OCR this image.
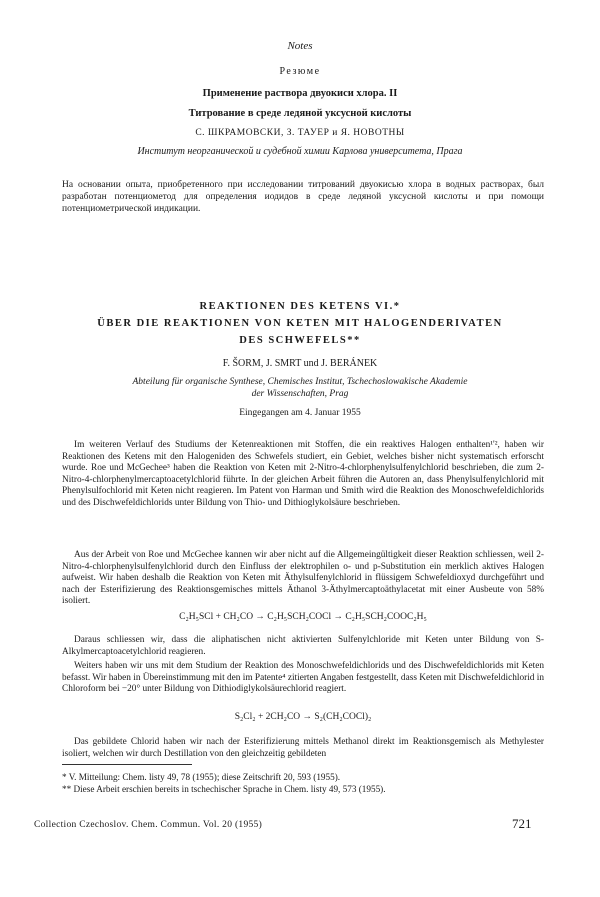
Notes

Резюме

Применение раствора двуокиси хлора. II

Титрование в среде ледяной уксусной кислоты

С. ШКРАМОВСКИ, З. ТАУЕР и Я. НОВОТНЫ

Институт неорганической и судебной химии Карлова университета, Прага

На основании опыта, приобретенного при исследовании титрований двуокисью хлора в водных растворах, был разработан потенциометод для определения иодидов в среде ледяной уксусной кислоты и при помощи потенциометрической индикации.

REAKTIONEN DES KETENS VI.*

ÜBER DIE REAKTIONEN VON KETEN MIT HALOGENDERIVATEN

DES SCHWEFELS**

F. ŠORM, J. SMRT und J. BERÁNEK

Abteilung für organische Synthese, Chemisches Institut, Tschechoslowakische Akademie

der Wissenschaften, Prag

Eingegangen am 4. Januar 1955

Im weiteren Verlauf des Studiums der Ketenreaktionen mit Stoffen, die ein reaktives Halogen enthalten¹'², haben wir Reaktionen des Ketens mit den Halogeniden des Schwefels studiert, ein Gebiet, welches bisher nicht systematisch erforscht wurde. Roe und McGechee³ haben die Reaktion von Keten mit 2-Nitro-4-chlorphenylsulfenylchlorid beschrieben, die zum 2-Nitro-4-chlorphenylmercaptoacetylchlorid führte. In der gleichen Arbeit führen die Autoren an, dass Phenylsulfenylchlorid mit Phenylsulfochlorid mit Keten nicht reagieren. Im Patent von Harman und Smith wird die Reaktion des Monoschwefeldichlorids und des Dischwefeldichlorids unter Bildung von Thio- und Dithioglykolsäure beschrieben.

Aus der Arbeit von Roe und McGechee kannen wir aber nicht auf die Allgemeingültigkeit dieser Reaktion schliessen, weil 2-Nitro-4-chlorphenylsulfenylchlorid durch den Einfluss der elektrophilen o- und p-Substitution ein merklich aktives Halogen aufweist. Wir haben deshalb die Reaktion von Keten mit Äthylsulfenylchlorid in flüssigem Schwefeldioxyd durchgeführt und nach der Esterifizierung des Reaktionsgemisches mittels Äthanol 3-Äthylmercaptoäthylacetat mit einer Ausbeute von 58% isoliert.

C₂H₅SCl + CH₂CO → C₂H₅SCH₂COCl → C₂H₅SCH₂COOC₂H₅

Daraus schliessen wir, dass die aliphatischen nicht aktivierten Sulfenylchloride mit Keten unter Bildung von S-Alkylmercaptoacetylchlorid reagieren.

Weiters haben wir uns mit dem Studium der Reaktion des Monoschwefeldichlorids und des Dischwefeldichlorids mit Keten befasst. Wir haben in Übereinstimmung mit den im Patente⁴ zitierten Angaben festgestellt, dass Keten mit Dischwefeldichlorid in Chloroform bei −20° unter Bildung von Dithiodiglykolsäurechlorid reagiert.

S₂Cl₂ + 2CH₂CO → S₂(CH₂COCl)₂

Das gebildete Chlorid haben wir nach der Esterifizierung mittels Methanol direkt im Reaktionsgemisch als Methylester isoliert, welchen wir durch Destillation von den gleichzeitig gebildeten

* V. Mitteilung: Chem. listy 49, 78 (1955); diese Zeitschrift 20, 593 (1955).

** Diese Arbeit erschien bereits in tschechischer Sprache in Chem. listy 49, 573 (1955).

Collection Czechoslov. Chem. Commun. Vol. 20 (1955)	721
